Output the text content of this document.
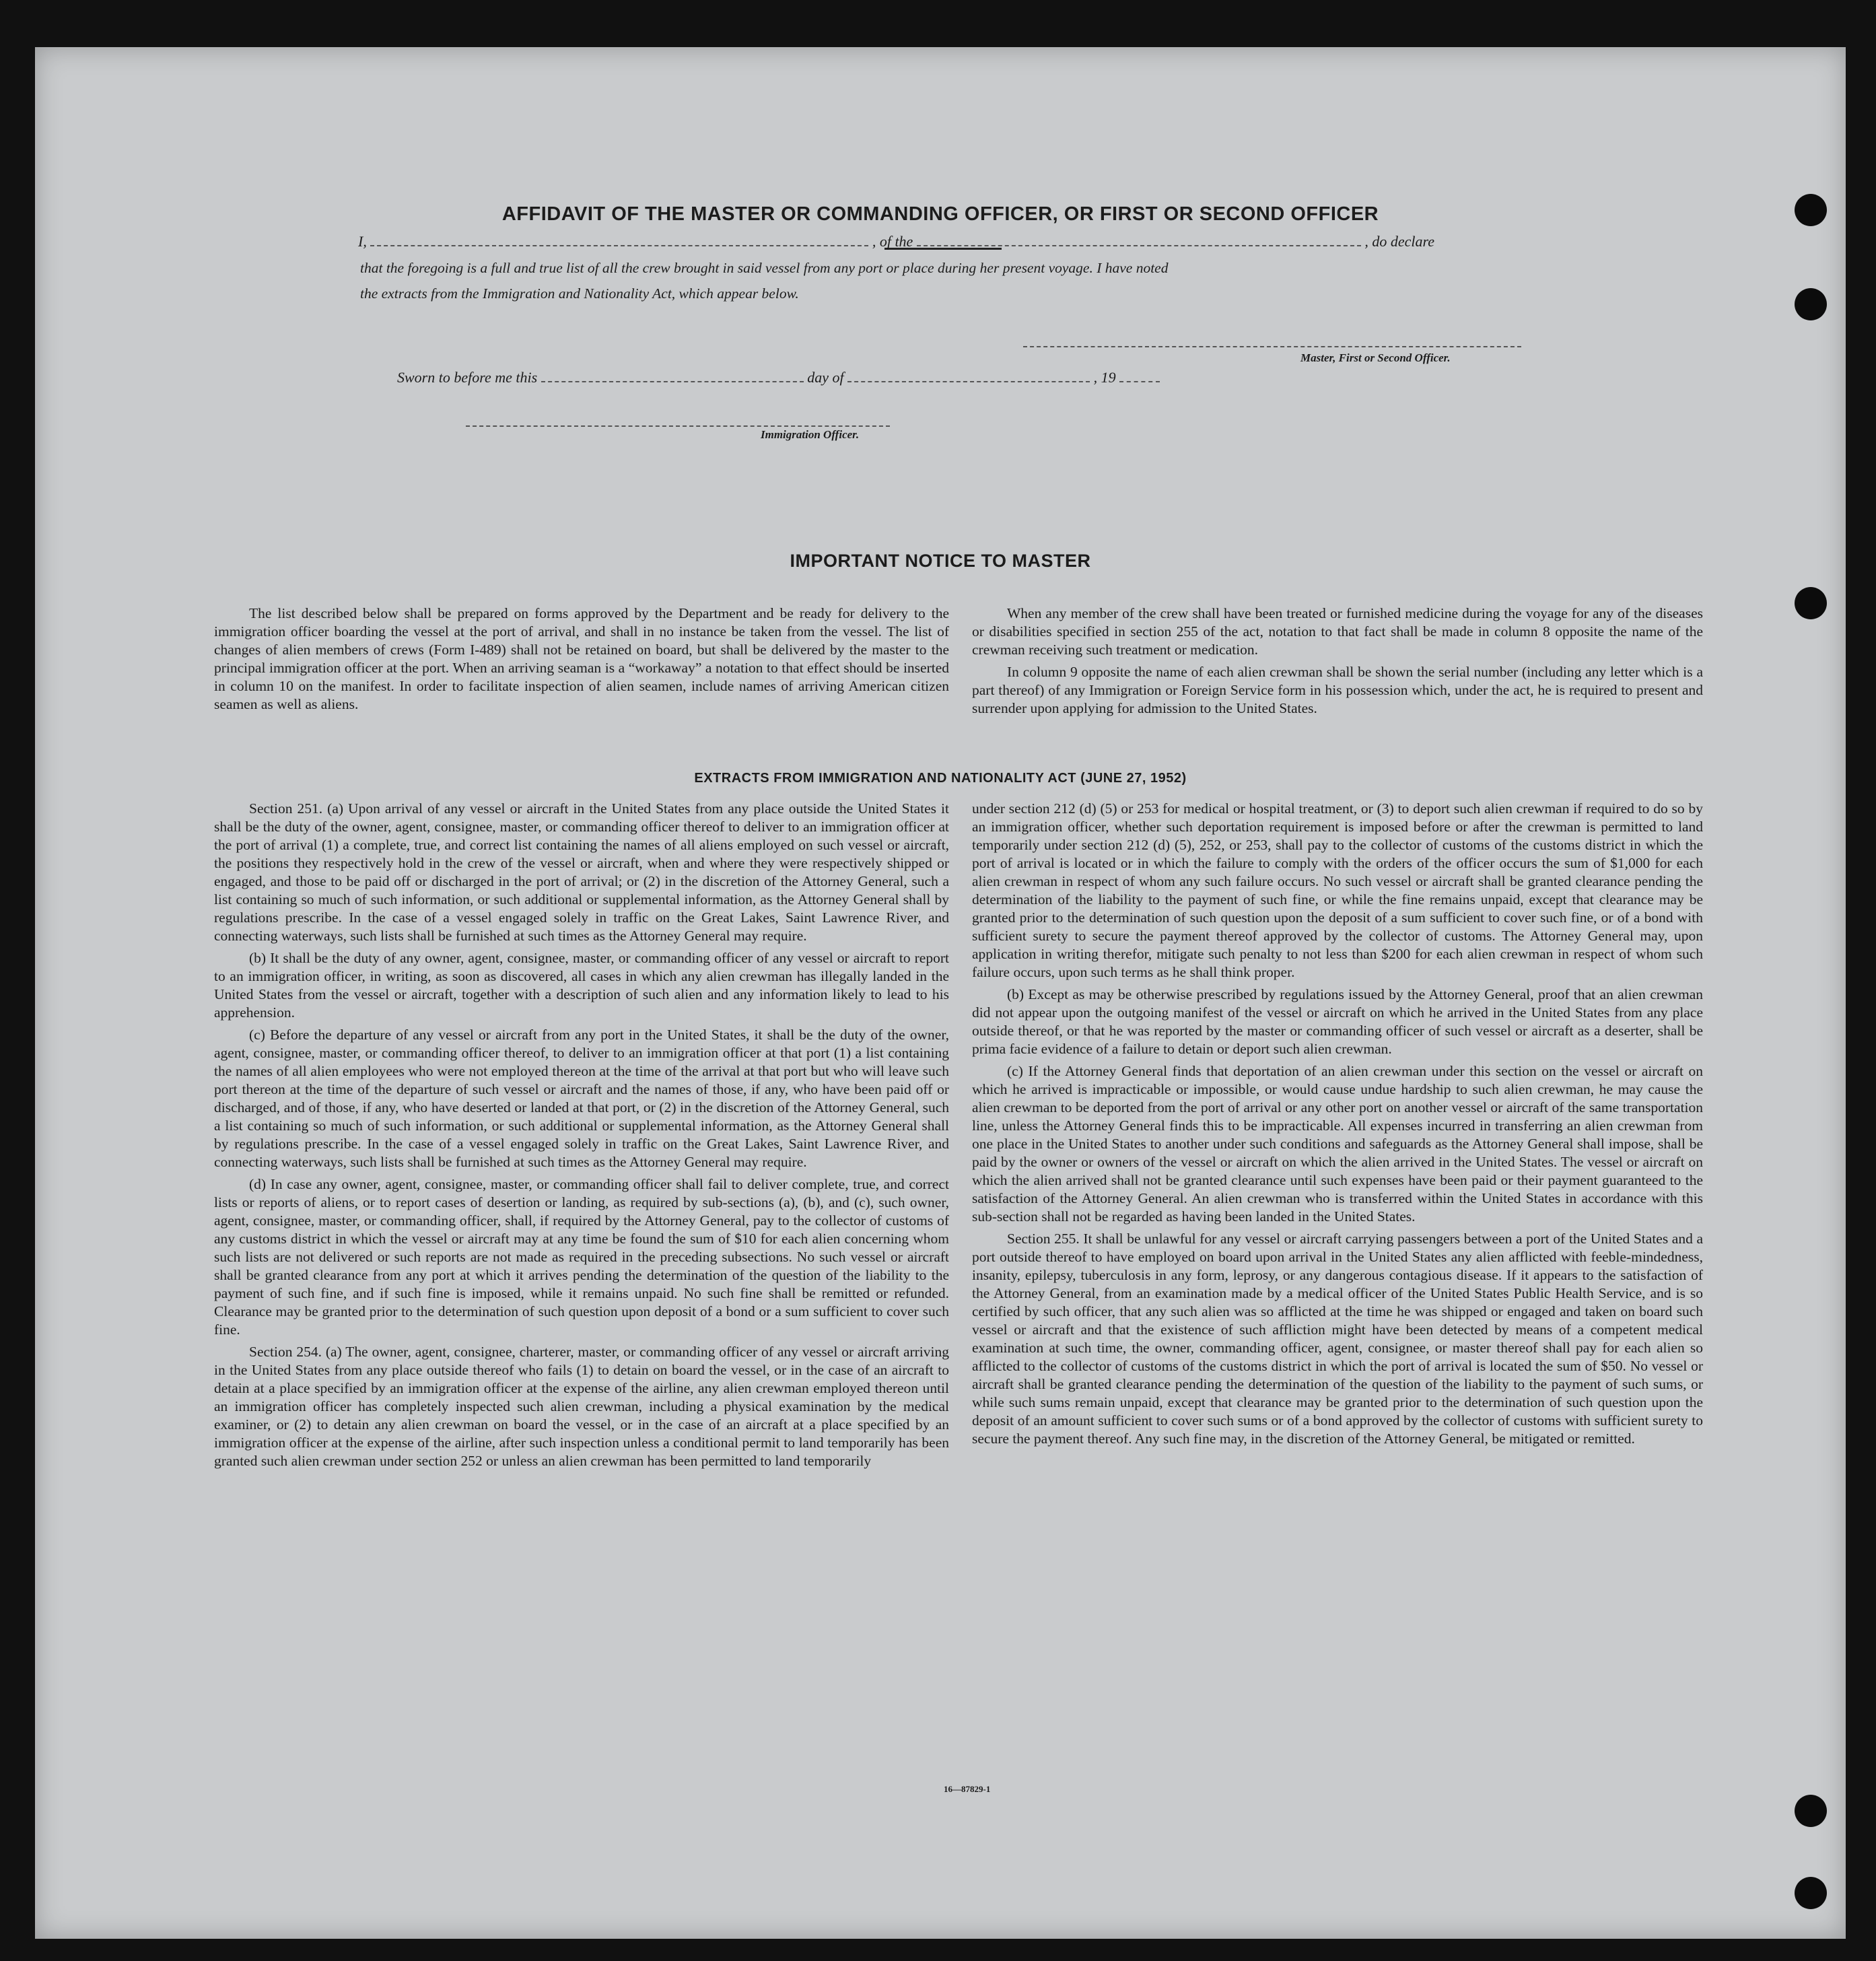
AFFIDAVIT OF THE MASTER OR COMMANDING OFFICER, OR FIRST OR SECOND OFFICER
I,	, of the	, do declare
that the foregoing is a full and true list of all the crew brought in said vessel from any port or place during her present voyage. I have noted
the extracts from the Immigration and Nationality Act, which appear below.
Master, First or Second Officer.
Sworn to before me this	day of	, 19
Immigration Officer.
IMPORTANT NOTICE TO MASTER

The list described below shall be prepared on forms approved by the Department and be ready for delivery to the immigration officer boarding the vessel at the port of arrival, and shall in no instance be taken from the vessel. The list of changes of alien members of crews (Form I-489) shall not be retained on board, but shall be delivered by the master to the principal immigration officer at the port. When an arriving seaman is a “workaway” a notation to that effect should be inserted in column 10 on the manifest. In order to facilitate inspection of alien seamen, include names of arriving American citizen seamen as well as aliens.

When any member of the crew shall have been treated or furnished medicine during the voyage for any of the diseases or disabilities specified in section 255 of the act, notation to that fact shall be made in column 8 opposite the name of the crewman receiving such treatment or medication.

In column 9 opposite the name of each alien crewman shall be shown the serial number (including any letter which is a part thereof) of any Immigration or Foreign Service form in his possession which, under the act, he is required to present and surrender upon applying for admission to the United States.

EXTRACTS FROM IMMIGRATION AND NATIONALITY ACT (JUNE 27, 1952)

Section 251. (a) Upon arrival of any vessel or aircraft in the United States from any place outside the United States it shall be the duty of the owner, agent, consignee, master, or commanding officer thereof to deliver to an immigration officer at the port of arrival (1) a complete, true, and correct list containing the names of all aliens employed on such vessel or aircraft, the positions they respectively hold in the crew of the vessel or aircraft, when and where they were respectively shipped or engaged, and those to be paid off or discharged in the port of arrival; or (2) in the discretion of the Attorney General, such a list containing so much of such information, or such additional or supplemental information, as the Attorney General shall by regulations prescribe. In the case of a vessel engaged solely in traffic on the Great Lakes, Saint Lawrence River, and connecting waterways, such lists shall be furnished at such times as the Attorney General may require.

(b) It shall be the duty of any owner, agent, consignee, master, or commanding officer of any vessel or aircraft to report to an immigration officer, in writing, as soon as discovered, all cases in which any alien crewman has illegally landed in the United States from the vessel or aircraft, together with a description of such alien and any information likely to lead to his apprehension.

(c) Before the departure of any vessel or aircraft from any port in the United States, it shall be the duty of the owner, agent, consignee, master, or commanding officer thereof, to deliver to an immigration officer at that port (1) a list containing the names of all alien employees who were not employed thereon at the time of the arrival at that port but who will leave such port thereon at the time of the departure of such vessel or aircraft and the names of those, if any, who have been paid off or discharged, and of those, if any, who have deserted or landed at that port, or (2) in the discretion of the Attorney General, such a list containing so much of such information, or such additional or supplemental information, as the Attorney General shall by regulations prescribe. In the case of a vessel engaged solely in traffic on the Great Lakes, Saint Lawrence River, and connecting waterways, such lists shall be furnished at such times as the Attorney General may require.

(d) In case any owner, agent, consignee, master, or commanding officer shall fail to deliver complete, true, and correct lists or reports of aliens, or to report cases of desertion or landing, as required by sub-sections (a), (b), and (c), such owner, agent, consignee, master, or commanding officer, shall, if required by the Attorney General, pay to the collector of customs of any customs district in which the vessel or aircraft may at any time be found the sum of $10 for each alien concerning whom such lists are not delivered or such reports are not made as required in the preceding subsections. No such vessel or aircraft shall be granted clearance from any port at which it arrives pending the determination of the question of the liability to the payment of such fine, and if such fine is imposed, while it remains unpaid. No such fine shall be remitted or refunded. Clearance may be granted prior to the determination of such question upon deposit of a bond or a sum sufficient to cover such fine.

Section 254. (a) The owner, agent, consignee, charterer, master, or commanding officer of any vessel or aircraft arriving in the United States from any place outside thereof who fails (1) to detain on board the vessel, or in the case of an aircraft to detain at a place specified by an immigration officer at the expense of the airline, any alien crewman employed thereon until an immigration officer has completely inspected such alien crewman, including a physical examination by the medical examiner, or (2) to detain any alien crewman on board the vessel, or in the case of an aircraft at a place specified by an immigration officer at the expense of the airline, after such inspection unless a conditional permit to land temporarily has been granted such alien crewman under section 252 or unless an alien crewman has been permitted to land temporarily

under section 212 (d) (5) or 253 for medical or hospital treatment, or (3) to deport such alien crewman if required to do so by an immigration officer, whether such deportation requirement is imposed before or after the crewman is permitted to land temporarily under section 212 (d) (5), 252, or 253, shall pay to the collector of customs of the customs district in which the port of arrival is located or in which the failure to comply with the orders of the officer occurs the sum of $1,000 for each alien crewman in respect of whom any such failure occurs. No such vessel or aircraft shall be granted clearance pending the determination of the liability to the payment of such fine, or while the fine remains unpaid, except that clearance may be granted prior to the determination of such question upon the deposit of a sum sufficient to cover such fine, or of a bond with sufficient surety to secure the payment thereof approved by the collector of customs. The Attorney General may, upon application in writing therefor, mitigate such penalty to not less than $200 for each alien crewman in respect of whom such failure occurs, upon such terms as he shall think proper.

(b) Except as may be otherwise prescribed by regulations issued by the Attorney General, proof that an alien crewman did not appear upon the outgoing manifest of the vessel or aircraft on which he arrived in the United States from any place outside thereof, or that he was reported by the master or commanding officer of such vessel or aircraft as a deserter, shall be prima facie evidence of a failure to detain or deport such alien crewman.

(c) If the Attorney General finds that deportation of an alien crewman under this section on the vessel or aircraft on which he arrived is impracticable or impossible, or would cause undue hardship to such alien crewman, he may cause the alien crewman to be deported from the port of arrival or any other port on another vessel or aircraft of the same transportation line, unless the Attorney General finds this to be impracticable. All expenses incurred in transferring an alien crewman from one place in the United States to another under such conditions and safeguards as the Attorney General shall impose, shall be paid by the owner or owners of the vessel or aircraft on which the alien arrived in the United States. The vessel or aircraft on which the alien arrived shall not be granted clearance until such expenses have been paid or their payment guaranteed to the satisfaction of the Attorney General. An alien crewman who is transferred within the United States in accordance with this sub-section shall not be regarded as having been landed in the United States.

Section 255. It shall be unlawful for any vessel or aircraft carrying passengers between a port of the United States and a port outside thereof to have employed on board upon arrival in the United States any alien afflicted with feeble-mindedness, insanity, epilepsy, tuberculosis in any form, leprosy, or any dangerous contagious disease. If it appears to the satisfaction of the Attorney General, from an examination made by a medical officer of the United States Public Health Service, and is so certified by such officer, that any such alien was so afflicted at the time he was shipped or engaged and taken on board such vessel or aircraft and that the existence of such affliction might have been detected by means of a competent medical examination at such time, the owner, commanding officer, agent, consignee, or master thereof shall pay for each alien so afflicted to the collector of customs of the customs district in which the port of arrival is located the sum of $50. No vessel or aircraft shall be granted clearance pending the determination of the question of the liability to the payment of such sums, or while such sums remain unpaid, except that clearance may be granted prior to the determination of such question upon the deposit of an amount sufficient to cover such sums or of a bond approved by the collector of customs with sufficient surety to secure the payment thereof. Any such fine may, in the discretion of the Attorney General, be mitigated or remitted.

16—87829-1
